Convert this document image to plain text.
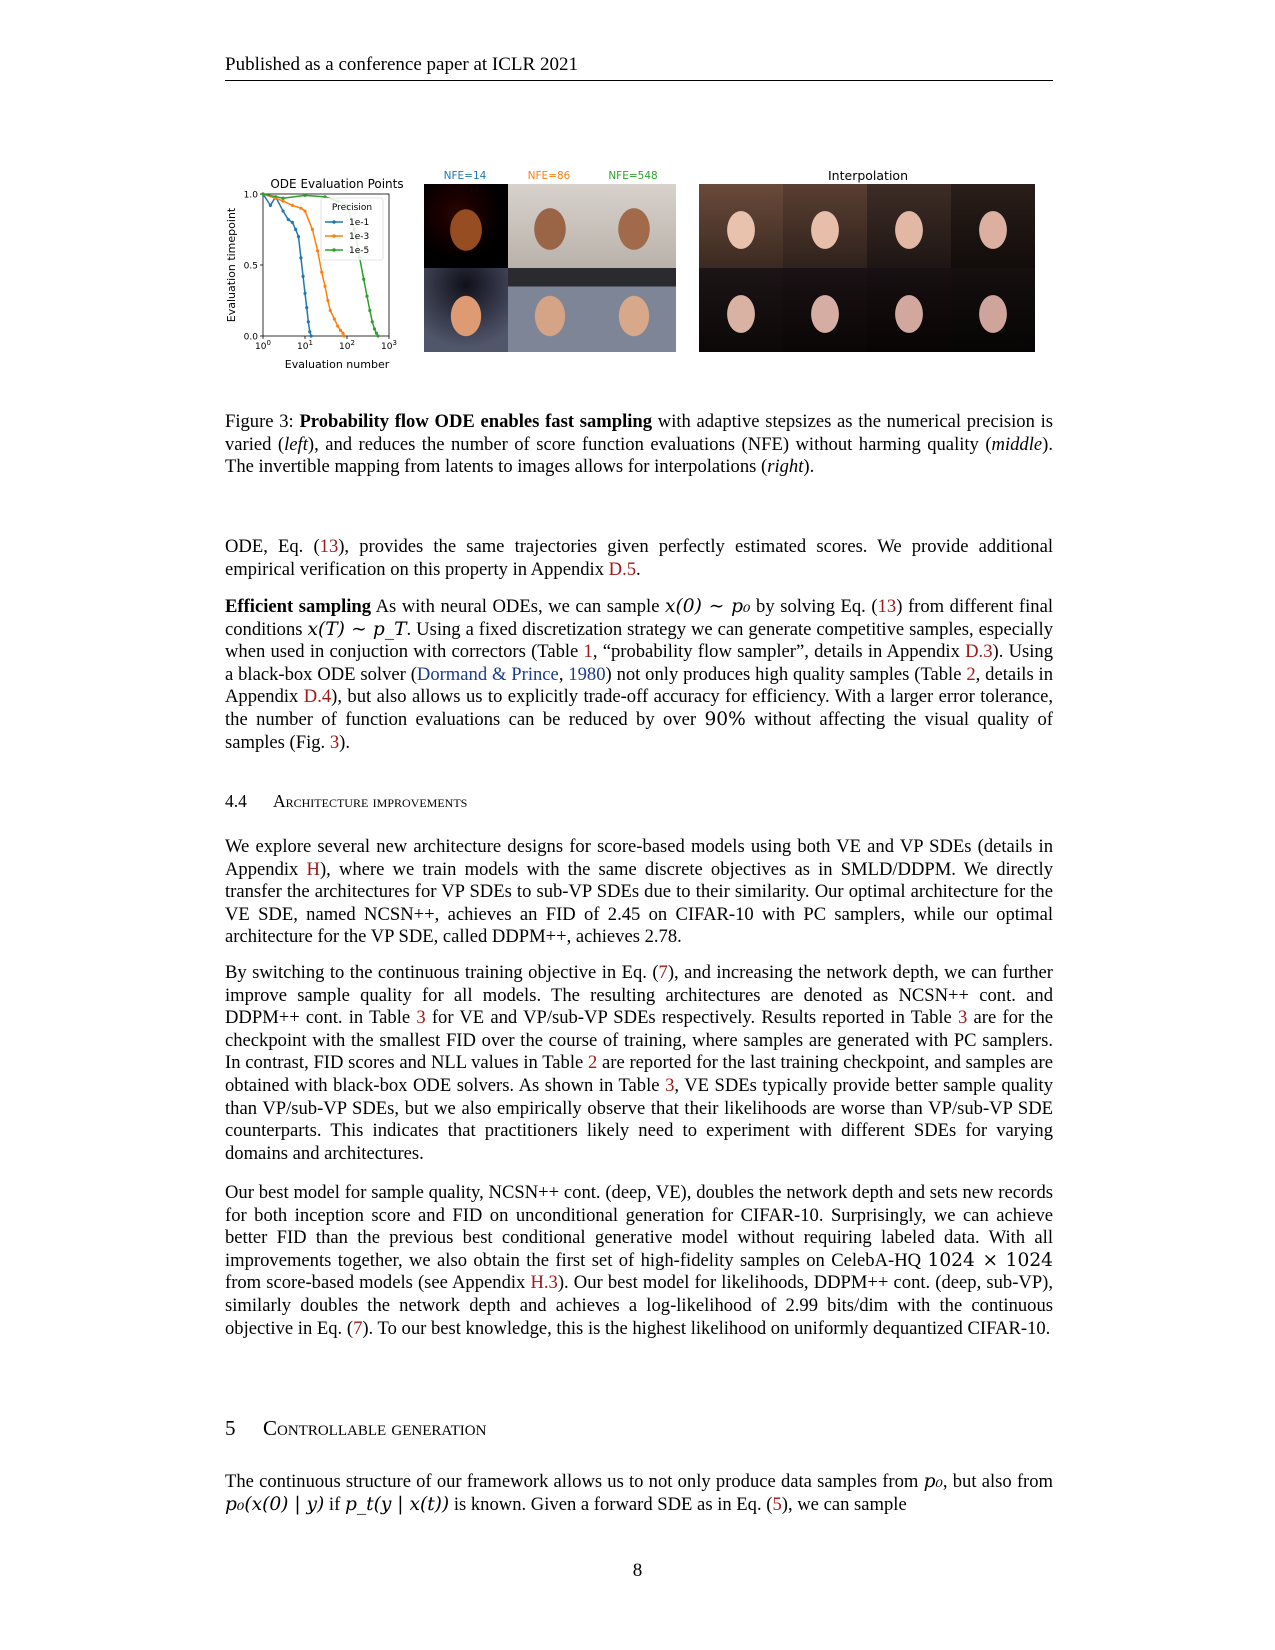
Published as a conference paper at ICLR 2021
ODE Evaluation Points
Evaluation timepoint
Evaluation number
0.0
0.5
1.0
$10^0$	$10^1$	$10^2$	$10^3$
Precision
1e-1
1e-3
1e-5
NFE=14	NFE=86	NFE=548	Interpolation
Figure 3: Probability flow ODE enables fast sampling with adaptive stepsizes as the numerical precision is varied (left), and reduces the number of score function evaluations (NFE) without harming quality (middle). The invertible mapping from latents to images allows for interpolations (right).
ODE, Eq. (13), provides the same trajectories given perfectly estimated scores. We provide additional empirical verification on this property in Appendix D.5.
Efficient sampling As with neural ODEs, we can sample x(0) ∼ p₀ by solving Eq. (13) from different final conditions x(T) ∼ p_T. Using a fixed discretization strategy we can generate competitive samples, especially when used in conjuction with correctors (Table 1, “probability flow sampler”, details in Appendix D.3). Using a black-box ODE solver (Dormand & Prince, 1980) not only produces high quality samples (Table 2, details in Appendix D.4), but also allows us to explicitly trade-off accuracy for efficiency. With a larger error tolerance, the number of function evaluations can be reduced by over 90% without affecting the visual quality of samples (Fig. 3).
4.4 Architecture improvements
We explore several new architecture designs for score-based models using both VE and VP SDEs (details in Appendix H), where we train models with the same discrete objectives as in SMLD/DDPM. We directly transfer the architectures for VP SDEs to sub-VP SDEs due to their similarity. Our optimal architecture for the VE SDE, named NCSN++, achieves an FID of 2.45 on CIFAR-10 with PC samplers, while our optimal architecture for the VP SDE, called DDPM++, achieves 2.78.
By switching to the continuous training objective in Eq. (7), and increasing the network depth, we can further improve sample quality for all models. The resulting architectures are denoted as NCSN++ cont. and DDPM++ cont. in Table 3 for VE and VP/sub-VP SDEs respectively. Results reported in Table 3 are for the checkpoint with the smallest FID over the course of training, where samples are generated with PC samplers. In contrast, FID scores and NLL values in Table 2 are reported for the last training checkpoint, and samples are obtained with black-box ODE solvers. As shown in Table 3, VE SDEs typically provide better sample quality than VP/sub-VP SDEs, but we also empirically observe that their likelihoods are worse than VP/sub-VP SDE counterparts. This indicates that practitioners likely need to experiment with different SDEs for varying domains and architectures.
Our best model for sample quality, NCSN++ cont. (deep, VE), doubles the network depth and sets new records for both inception score and FID on unconditional generation for CIFAR-10. Surprisingly, we can achieve better FID than the previous best conditional generative model without requiring labeled data. With all improvements together, we also obtain the first set of high-fidelity samples on CelebA-HQ 1024 × 1024 from score-based models (see Appendix H.3). Our best model for likelihoods, DDPM++ cont. (deep, sub-VP), similarly doubles the network depth and achieves a log-likelihood of 2.99 bits/dim with the continuous objective in Eq. (7). To our best knowledge, this is the highest likelihood on uniformly dequantized CIFAR-10.
5 Controllable generation
The continuous structure of our framework allows us to not only produce data samples from p₀, but also from p₀(x(0) | y) if p_t(y | x(t)) is known. Given a forward SDE as in Eq. (5), we can sample
8
